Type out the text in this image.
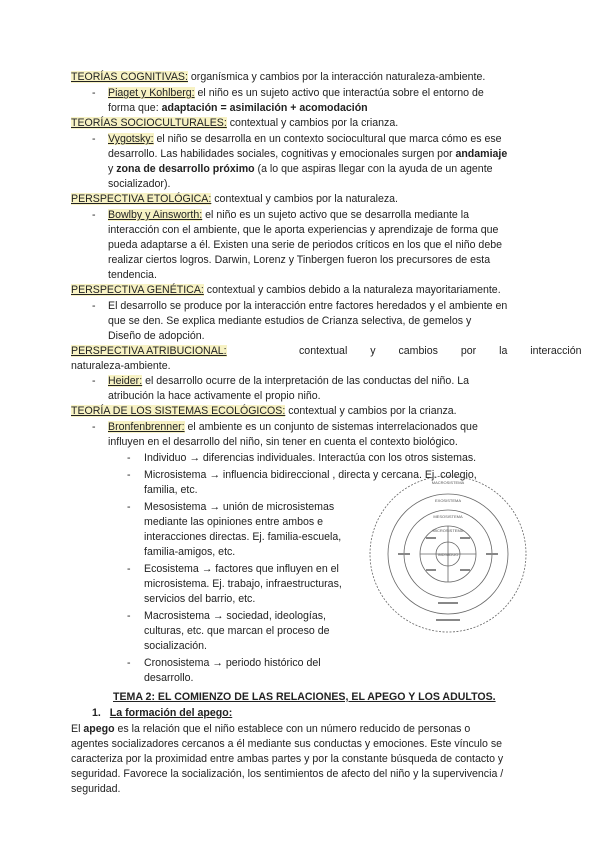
TEORÍAS COGNITIVAS: organísmica y cambios por la interacción naturaleza-ambiente.
- Piaget y Kohlberg: el niño es un sujeto activo que interactúa sobre el entorno de
forma que: adaptación = asimilación + acomodación
TEORÍAS SOCIOCULTURALES: contextual y cambios por la crianza.
- Vygotsky: el niño se desarrolla en un contexto sociocultural que marca cómo es ese
desarrollo. Las habilidades sociales, cognitivas y emocionales surgen por andamiaje
y zona de desarrollo próximo (a lo que aspiras llegar con la ayuda de un agente
socializador).
PERSPECTIVA ETOLÓGICA: contextual y cambios por la naturaleza.
- Bowlby y Ainsworth: el niño es un sujeto activo que se desarrolla mediante la
interacción con el ambiente, que le aporta experiencias y aprendizaje de forma que
pueda adaptarse a él. Existen una serie de periodos críticos en los que el niño debe
realizar ciertos logros. Darwin, Lorenz y Tinbergen fueron los precursores de esta
tendencia.
PERSPECTIVA GENÉTICA: contextual y cambios debido a la naturaleza mayoritariamente.
- El desarrollo se produce por la interacción entre factores heredados y el ambiente en
que se den. Se explica mediante estudios de Crianza selectiva, de gemelos y
Diseño de adopción.
PERSPECTIVA ATRIBUCIONAL:	contextual y cambios por la interacción
naturaleza-ambiente.
- Heider: el desarrollo ocurre de la interpretación de las conductas del niño. La
atribución la hace activamente el propio niño.
TEORÍA DE LOS SISTEMAS ECOLÓGICOS: contextual y cambios por la crianza.
- Bronfenbrenner: el ambiente es un conjunto de sistemas interrelacionados que
influyen en el desarrollo del niño, sin tener en cuenta el contexto biológico.
- Individuo → diferencias individuales. Interactúa con los otros sistemas.
- Microsistema → influencia bidireccional , directa y cercana. Ej. colegio,
familia, etc.
- Mesosistema → unión de microsistemas
mediante las opiniones entre ambos e
interacciones directas. Ej. familia-escuela,
familia-amigos, etc.
- Ecosistema → factores que influyen en el
microsistema. Ej. trabajo, infraestructuras,
servicios del barrio, etc.
- Macrosistema → sociedad, ideologías,
culturas, etc. que marcan el proceso de
socialización.
- Cronosistema → periodo histórico del
desarrollo.
MACROSISTEMA
EXOSISTEMA
MESOSISTEMA
MICROSISTEMA
INDIVIDUO
TEMA 2: EL COMIENZO DE LAS RELACIONES, EL APEGO Y LOS ADULTOS.
1. La formación del apego:
El apego es la relación que el niño establece con un número reducido de personas o
agentes socializadores cercanos a él mediante sus conductas y emociones. Este vínculo se
caracteriza por la proximidad entre ambas partes y por la constante búsqueda de contacto y
seguridad. Favorece la socialización, los sentimientos de afecto del niño y la supervivencia /
seguridad.
